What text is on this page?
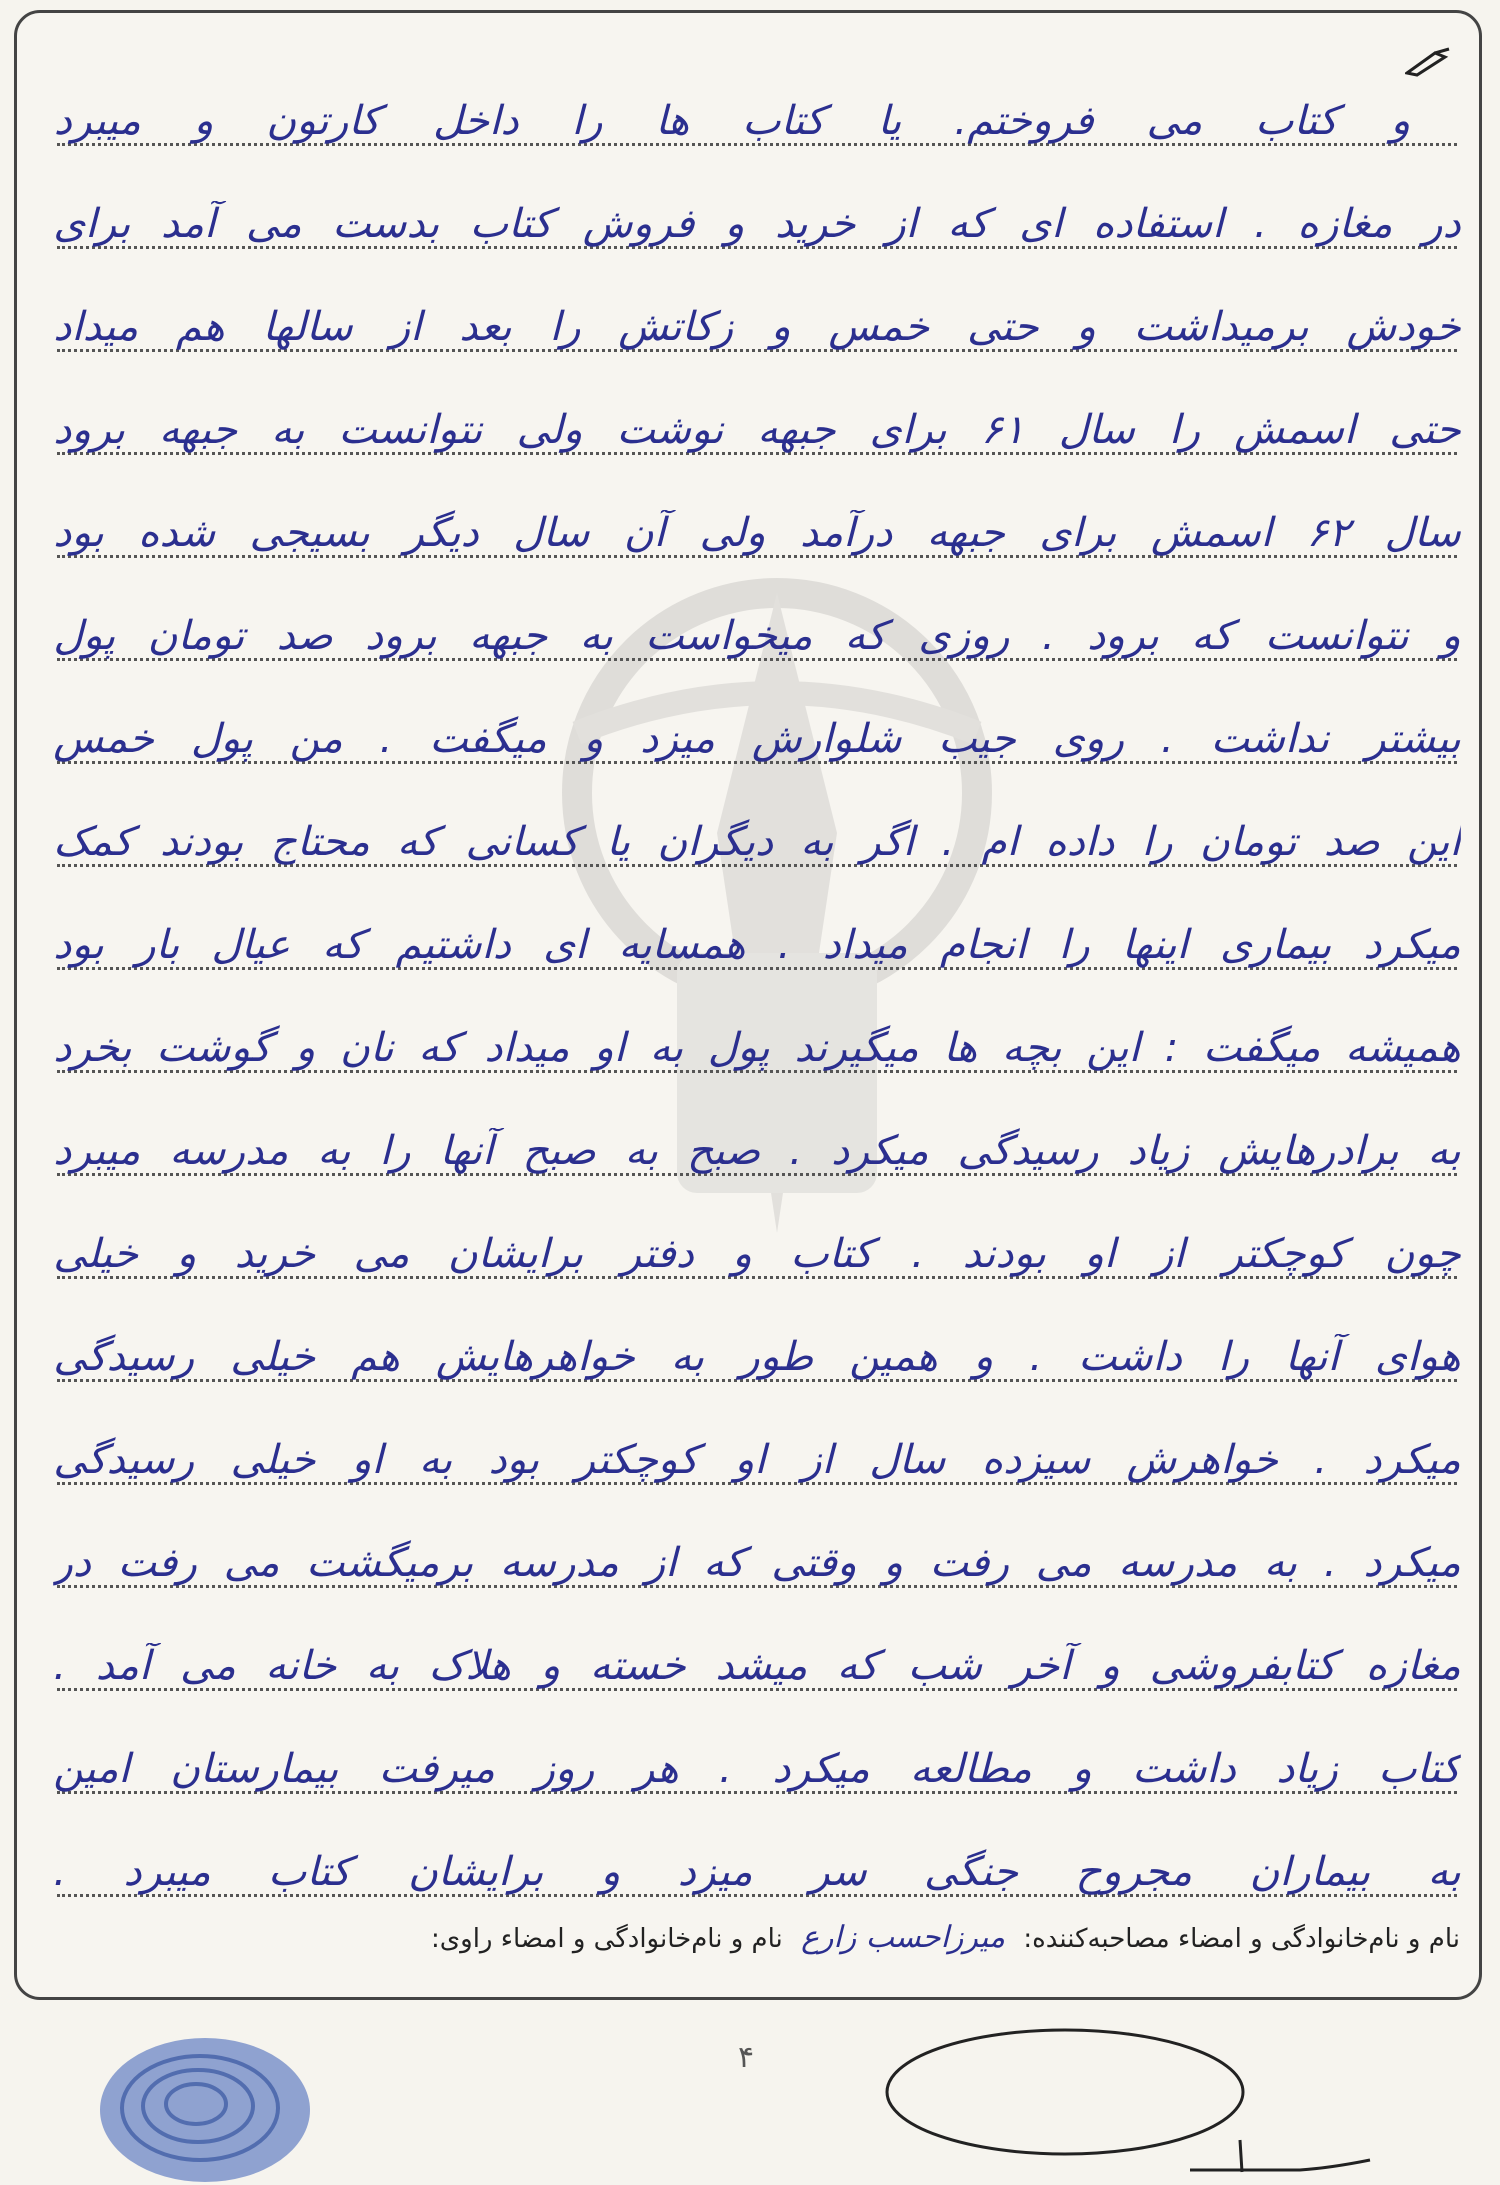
و کتاب می فروختم. یا کتاب ها را داخل کارتون و میبرد
در مغازه . استفاده ای که از خرید و فروش کتاب بدست می آمد برای
خودش برمیداشت و حتی خمس و زکاتش را بعد از سالها هم میداد
حتی اسمش را سال ۶۱ برای جبهه نوشت ولی نتوانست به جبهه برود
سال ۶۲ اسمش برای جبهه درآمد ولی آن سال دیگر بسیجی شده بود
و نتوانست که برود . روزی که میخواست به جبهه برود صد تومان پول
بیشتر نداشت . روی جیب شلوارش میزد و میگفت . من پول خمس
این صد تومان را داده ام . اگر به دیگران یا کسانی که محتاج بودند کمک
میکرد بیماری اینها را انجام میداد . همسایه ای داشتیم که عیال بار بود
همیشه میگفت : این بچه ها میگیرند پول به او میداد که نان و گوشت بخرد
به برادرهایش زیاد رسیدگی میکرد . صبح به صبح آنها را به مدرسه میبرد
چون کوچکتر از او بودند . کتاب و دفتر برایشان می خرید و خیلی
هوای آنها را داشت . و همین طور به خواهرهایش هم خیلی رسیدگی
میکرد . خواهرش سیزده سال از او کوچکتر بود به او خیلی رسیدگی
میکرد . به مدرسه می رفت و وقتی که از مدرسه برمیگشت می رفت در
مغازه کتابفروشی و آخر شب که میشد خسته و هلاک به خانه می آمد .
کتاب زیاد داشت و مطالعه میکرد . هر روز میرفت بیمارستان امین
به بیماران مجروح جنگی سر میزد و برایشان کتاب میبرد .
نام و نام‌خانوادگی و امضاء مصاحبه‌کننده: میرزاحسب زارع نام و نام‌خانوادگی و امضاء راوی:
۴
